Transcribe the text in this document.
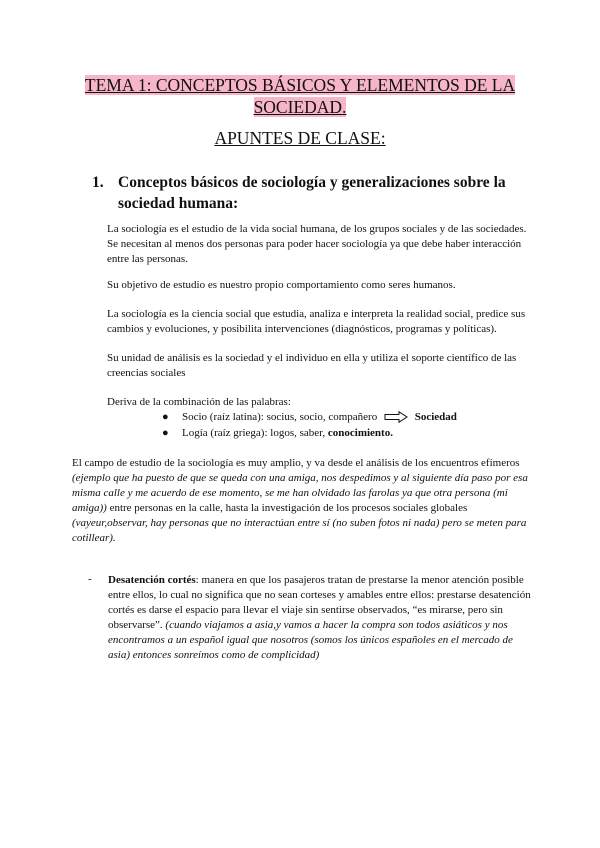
TEMA 1: CONCEPTOS BÁSICOS Y ELEMENTOS DE LA SOCIEDAD.
APUNTES DE CLASE:
1. Conceptos básicos de sociología y generalizaciones sobre la sociedad humana:
La sociología es el estudio de la vida social humana, de los grupos sociales y de las sociedades. Se necesitan al menos dos personas para poder hacer sociología ya que debe haber interacción entre las personas.
Su objetivo de estudio es nuestro propio comportamiento como seres humanos.
La sociología es la ciencia social que estudia, analiza e interpreta la realidad social, predice sus cambios y evoluciones, y posibilita intervenciones (diagnósticos, programas y políticas).
Su unidad de análisis es la sociedad y el individuo en ella y utiliza el soporte científico de las creencias sociales
Deriva de la combinación de las palabras:
● Socio (raíz latina): socius, socio, compañero	Sociedad
● Logía (raíz griega): logos, saber, conocimiento.
El campo de estudio de la sociología es muy amplio, y va desde el análisis de los encuentros efímeros (ejemplo que ha puesto de que se queda con una amiga, nos despedimos y al siguiente día paso por esa misma calle y me acuerdo de ese momento, se me han olvidado las farolas ya que otra persona (mi amiga)) entre personas en la calle, hasta la investigación de los procesos sociales globales (vayeur,observar, hay personas que no interactúan entre sí (no suben fotos ni nada) pero se meten para cotillear).
- Desatención cortés: manera en que los pasajeros tratan de prestarse la menor atención posible entre ellos, lo cual no significa que no sean corteses y amables entre ellos: prestarse desatención cortés es darse el espacio para llevar el viaje sin sentirse observados, “es mirarse, pero sin observarse”. (cuando viajamos a asia,y vamos a hacer la compra son todos asiáticos y nos encontramos a un español igual que nosotros (somos los únicos españoles en el mercado de asia) entonces sonreímos como de complicidad)
